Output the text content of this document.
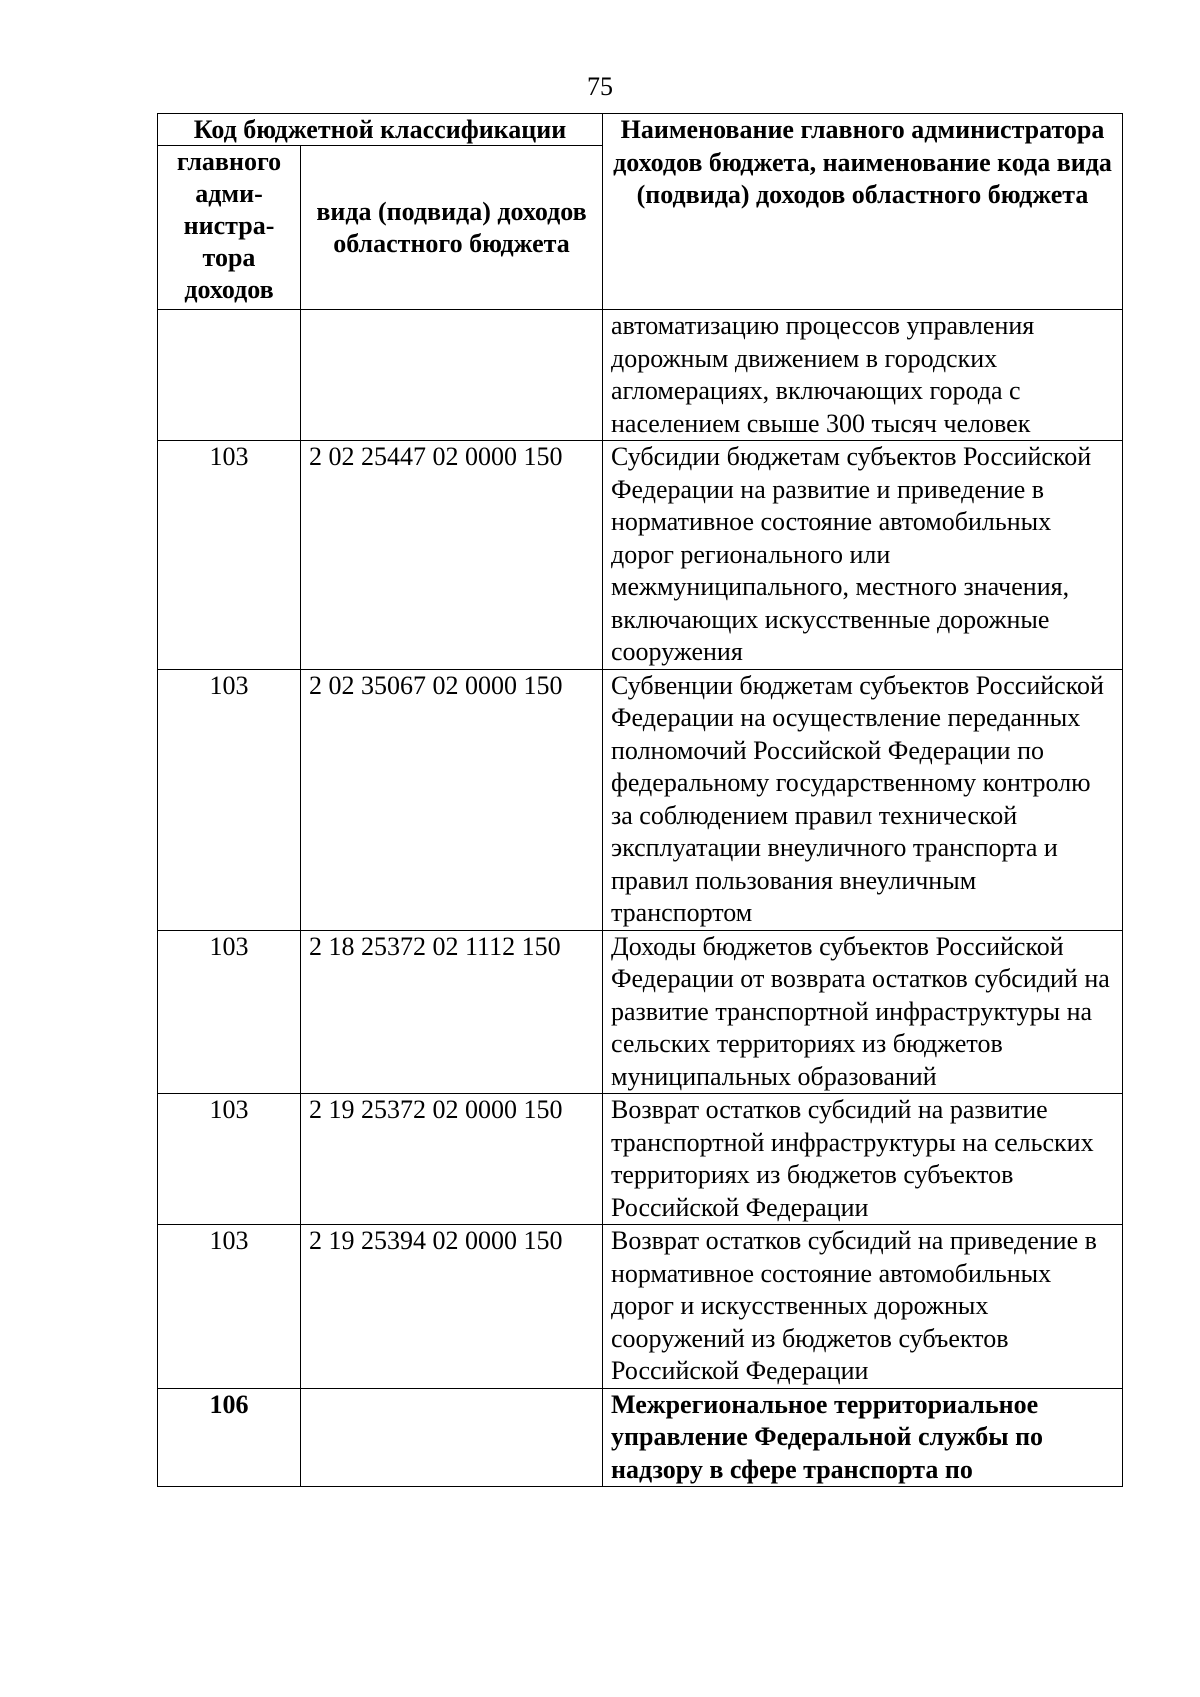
75
Код бюджетной классификации		Наименование главного администратора доходов бюджета, наименование кода вида (подвида) доходов областного бюджета
главного адми-нистра-тора доходов	вида (подвида) доходов областного бюджета	
		автоматизацию процессов управления дорожным движением в городских агломерациях, включающих города с населением свыше 300 тысяч человек
103	2 02 25447 02 0000 150	Субсидии бюджетам субъектов Российской Федерации на развитие и приведение в нормативное состояние автомобильных дорог регионального или межмуниципального, местного значения, включающих искусственные дорожные сооружения
103	2 02 35067 02 0000 150	Субвенции бюджетам субъектов Российской Федерации на осуществление переданных полномочий Российской Федерации по федеральному государственному контролю за соблюдением правил технической эксплуатации внеуличного транспорта и правил пользования внеуличным транспортом
103	2 18 25372 02 1112 150	Доходы бюджетов субъектов Российской Федерации от возврата остатков субсидий на развитие транспортной инфраструктуры на сельских территориях из бюджетов муниципальных образований
103	2 19 25372 02 0000 150	Возврат остатков субсидий на развитие транспортной инфраструктуры на сельских территориях из бюджетов субъектов Российской Федерации
103	2 19 25394 02 0000 150	Возврат остатков субсидий на приведение в нормативное состояние автомобильных дорог и искусственных дорожных сооружений из бюджетов субъектов Российской Федерации
106		Межрегиональное территориальное управление Федеральной службы по надзору в сфере транспорта по
